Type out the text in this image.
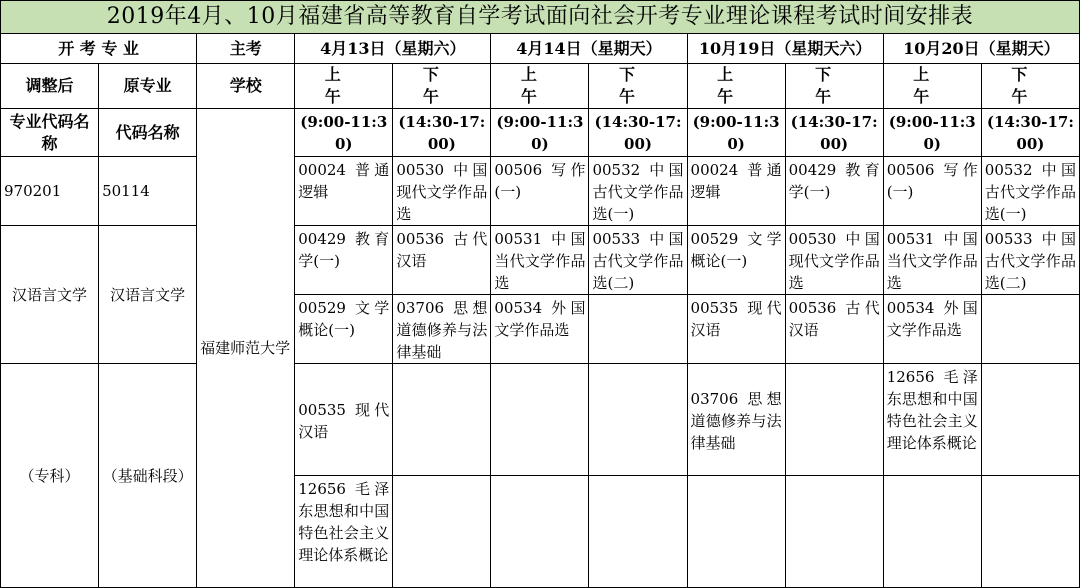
2019年4月、10月福建省高等教育自学考试面向社会开考专业理论课程考试时间安排表										
开 考 专 业		主考	4月13日（星期六）		4月14日（星期天）		10月19日（星期天六）		10月20日（星期天）	
调整后	原专业	学校	上 午	下 午	上 午	下 午	上 午	下 午	上 午	下 午
专业代码名称	代码名称	福建师范大学	(9:00-11:30)	(14:30-17:00)	(9:00-11:30)	(14:30-17:00)	(9:00-11:30)	(14:30-17:00)	(9:00-11:30)	(14:30-17:00)
970201	50114		00024 普通逻辑	00530 中国现代文学作品选	00506 写作(一)	00532 中国古代文学作品选(一)	00024 普通逻辑	00429 教育学(一)	00506 写作(一)	00532 中国古代文学作品选(一)
汉语言文学	汉语言文学		00429 教育学(一)	00536 古代汉语	00531 中国当代文学作品选	00533 中国古代文学作品选(二)	00529 文学概论(一)	00530 中国现代文学作品选	00531 中国当代文学作品选	00533 中国古代文学作品选(二)
			00529 文学概论(一)	03706 思想道德修养与法律基础	00534 外国文学作品选		00535 现代汉语	00536 古代汉语	00534 外国文学作品选	
（专科）	（基础科段）		00535 现代汉语				03706 思想道德修养与法律基础		12656 毛泽东思想和中国特色社会主义理论体系概论	
			12656 毛泽东思想和中国特色社会主义理论体系概论							
